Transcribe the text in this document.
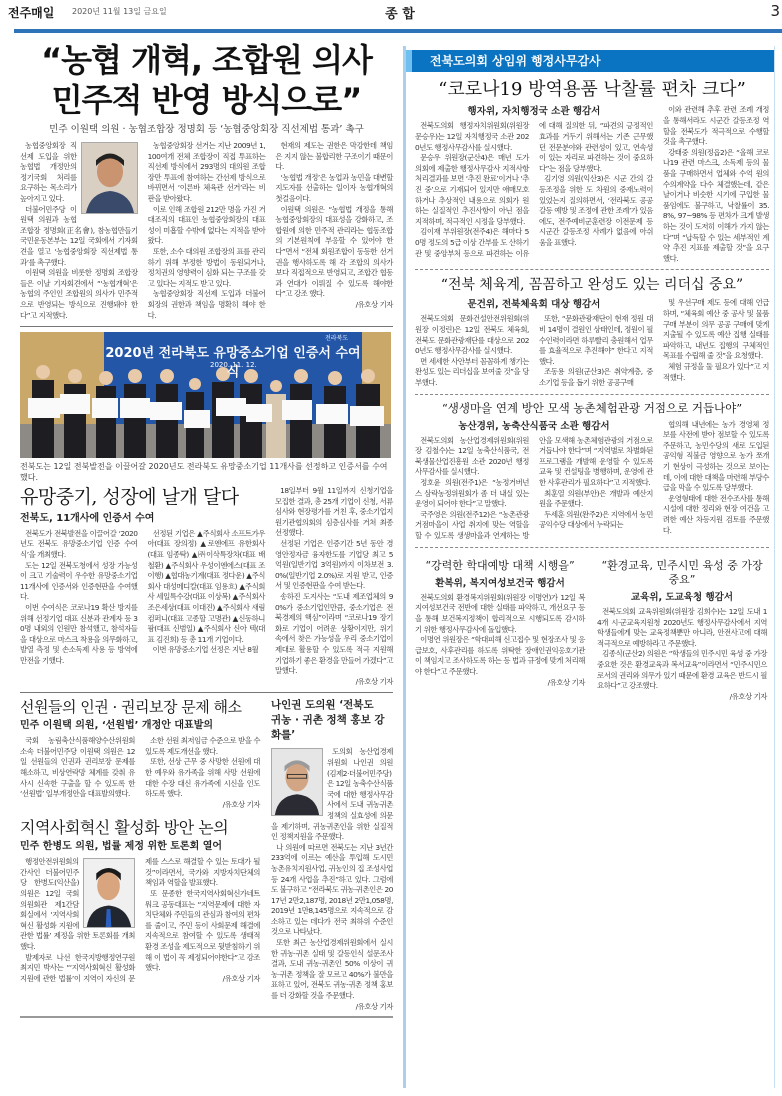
전주매일 2020년 11월 13일 금요일	종 합	3
“농협 개혁, 조합원 의사
민주적 반영 방식으로”
민주 이원택 의원 · 농협조합장 정명회 등 ‘농협중앙회장 직선제법 통과’ 촉구

농협중앙회장 직선제 도입을 위한 농협법 개정안의 정기국회 처리를 요구하는 목소리가 높아지고 있다.

더불어민주당 이원택 의원과 농협조합장 정명회(正名會), 참농협만들기국민운동본부는 12일 국회에서 기자회견을 열고 ‘농협중앙회장 직선제법 통과’를 촉구했다.

이원택 의원을 비롯한 정명회 조합장들은 이날 기자회견에서 “‘농협개혁’은 농협의 주인인 조합원의 의사가 민주적으로 반영되는 방식으로 진행돼야 한다”고 지적했다.

농협중앙회장 선거는 지난 2009년 1,100여개 전체 조합장이 직접 투표하는 직선제 방식에서 293명의 대의원 조합장만 투표에 참여하는 간선제 방식으로 바뀌면서 ‘이른바 체육관 선거’라는 비판을 받아왔다.

이로 인해 조합원 212만 명을 가진 거대조직의 대표인 농협중앙회장의 대표성이 미흡할 수밖에 없다는 지적을 받아왔다.

또한, 소수 대의원 조합장의 표를 관리하기 위해 부정한 방법이 동원되거나, 정치권의 영향력이 심화 되는 구조를 갖고 있다는 지적도 받고 있다.

농협중앙회장 직선제 도입과 더불어 회장의 권한과 책임을 명확히 해야 한다.

현재의 제도는 권한은 막강한데 책임은 지지 않는 불합리한 구조이기 때문이다.

‘농협법 개정’은 농업과 농민을 대변할 지도자를 선출하는 일이자 농협개혁의 첫걸음이다.

이원택 의원은 “농협법 개정을 통해 농협중앙회장의 대표성을 강화하고, 조합원에 의한 민주적 관리라는 협동조합의 기본원칙에 부응할 수 있어야 한다”면서 “전체 회원조합이 동등한 선거권을 행사하도록 해 각 조합의 의사가 보다 직접적으로 반영되고, 조합간 협동과 연대가 이뤄질 수 있도록 해야한다”고 강조 했다.

/유호상 기자

2020년 전라북도 유망중소기업 인증서 수여식
2020. 11. 12.
전라북도
전북도는 12일 전북발전을 이끌어갈 2020년도 전라북도 유망중소기업 11개사를 선정하고 인증서를 수여했다.
유망중기, 성장에 날개 달다
전북도, 11개사에 인증서 수여

전북도가 전북발전을 이끌어갈 ‘2020년도 전북도 유망중소기업 인증 수여식’을 개최했다.

도는 12일 전북도청에서 성장 가능성이 크고 기술력이 우수한 유망중소기업 11개사에 인증서와 인증현판을 수여했다.

이번 수여식은 코로나19 확산 방지를 위해 선정기업 대표 신분과 관계자 등 30명 내외의 인원만 참석했고, 참석자들을 대상으로 마스크 착용을 의무화하고, 발열 측정 및 손소독제 사용 등 방역에 만전을 기했다.

선정된 기업은 ▲주식회사 소프트가우아(대표 장의정) ▲로엔에프 유한회사(대표 임종탁) ▲㈜이삭특장차(대표 배철환) ▲주식회사 우성이엔에스(대표 조이행) ▲협대농기계(대표 정다운) ▲주식회사 대성메디칼(대표 임용흐) ▲주식회사 세일특수강(대표 이상복) ▲주식회사 조은세상(대표 이대진) ▲주식회사 새림컴퍼니(대표 고종할 고명관) ▲신동하니팜(대표 신범일) ▲주식회사 신아 텍(대표 김진희) 등 총 11개 기업이다.

이번 유망중소기업 선정은 지난 8월

18일부터 9월 11일까지 신청기업을 모집한 결과, 총 25개 기업이 신청, 서류심사와 현장평가를 거친 후, 중소기업지원기관협의회의 심층심사를 거쳐 최종 선정했다.

선정된 기업은 인증기간 5년 동안 경영안정자금 융자한도를 기업당 최고 5억원(일반기업 3억원)까지 이차보전 3.0%(일반기업 2.0%)로 지원 받고, 인증서 및 인증현판을 수여 받는다.

송하진 도지사는 “도내 제조업체의 90%가 중소기업인만큼, 중소기업은 전북경제의 핵심”이라며 “코로나19 장기화로 기업이 어려운 상황이지만, 위기 속에서 찾은 가능성을 우리 중소기업이 제대로 활용할 수 있도록 적극 지원해 기업하기 좋은 환경을 만들어 가겠다”고 말했다.

/유호상 기자

선원들의 인권 · 권리보장 문제 해소
민주 이원택 의원, ‘선원법’ 개정안 대표발의

국회 농림축산식품해양수산위원회 소속 더불어민주당 이원택 의원은 12일 선원들의 인권과 권리보장 문제를 해소하고, 비상연락망 체계를 갖춰 유사시 신속한 구출을 할 수 있도록 한 ‘선원법’ 일부개정안을 대표발의했다.

소한 선원 최저임금 수준으로 받을 수 있도록 제도개선을 했다.

또한, 선상 근무 중 사망한 선원에 대한 예우와 유가족을 위해 사망 선원에 대한 수장 대신 유가족에 시신을 인도하도록 했다.

/유호상 기자

지역사회혁신 활성화 방안 논의
민주 한병도 의원, 법률 제정 위한 토론회 열어

행정안전위원회의 간사인 더불어민주당 한병도(익산을) 의원은 12일 국회 의원회관 제1간담회실에서 ‘지역사회혁신 활성화 지원에 관한 법률’ 제정을 위한 토론회를 개최했다.

발제자로 나선 한국지방행정연구원 최지민 박사는 “‘지역사회혁신 활성화 지원에 관한 법률’이 지역이 자신의 문제를 스스로 해결할 수 있는 토대가 될 것”이라면서, 국가와 지방자치단체의 책임과 역할을 발표했다.

또 문종한 한국지역사회혁신가네트워크 공동대표는 “지역문제에 대한 자치단체와 주민들의 관심과 참여의 편차를 줄이고, 주민 등이 사회문제 해결에 지속적으로 참여할 수 있도록 생태적 환경 조성을 제도적으로 뒷받침하기 위해 이 법이 꼭 제정되어야한다”고 강조했다.

/유호상 기자

나인권 도의원 ‘전북도
귀농 · 귀촌 정책 홍보 강화를’

도의회 농산업경제위원회 나인권 의원(김제2·더불어민주당)은 12일 농축수산식품국에 대한 행정사무감사에서 도내 귀농귀촌 정책의 실효성에 의문을 제기하며, 귀농귀촌인을 위한 실질적인 정책지원을 주문했다.

나 의원에 따르면 전북도는 지난 3년간 233억에 이르는 예산을 투입해 도시민 농촌유치지원사업, 귀농인의 집 조성사업 등 24개 사업을 추진”하고 있다. 그럼에도 불구하고 “전라북도 귀농·귀촌인은 2017년 2만2,187명, 2018년 2만1,058명, 2019년 1만8,145명으로 지속적으로 감소하고 있는 데다가 전국 최하위 수준인 것으로 나타났다.

또한 최근 농산업경제위원회에서 실시한 귀농·귀촌 실태 및 갈등인식 설문조사 결과, 도내 귀농·귀촌인 50% 이상이 귀농·귀촌 정책을 잘 모르고 40%가 불만을 표하고 있어, 전북도 귀농·귀촌 정책 홍보를 더 강화할 것을 주문했다.

/유호상 기자

전북도의회 상임위 행정사무감사
“코로나19 방역용품 낙찰률 편차 크다”
행자위, 자치행정국 소관 행감서

전북도의회 행정자치위원회(위원장 문승우)는 12일 자치행정국 소관 2020년도 행정사무감사를 실시했다.

문승우 위원장(군산4)은 매년 도가 의회에 제출한 행정사무감사 지적사항 처리결과를 보면 ‘추진 완료’이거나 ‘추진 중’으로 기재되어 있지만 애매모호하거나 추상적인 내용으로 의회가 원하는 실질적인 추진사항이 아닌 점을 지적하며, 적극적인 시정을 당부했다.

김이재 부위원장(전주4)은 해마다 50명 정도의 5급 이상 간부를 도 산하기관 및 중앙부처 등으로 파견하는 이유에 대해 질의한 뒤, “파견의 긍정적인 효과를 거두기 위해서는 기존 근무했던 전문분야와 관련성이 있고, 연속성이 있는 자리로 파견하는 것이 중요하다”는 점을 당부했다.

김기영 의원(익산3)은 시군 간의 갈등조정을 위한 도 차원의 중재노력이 있었는지 질의하면서, ‘전라북도 공공갈등 예방 및 조정에 관한 조례’가 있음에도, 전주예비군훈련장 이전문제 등 시군간 갈등조정 사례가 없음에 아쉬움을 표했다.

이와 관련해 추후 관련 조례 개정을 통해서라도 시군간 갈등조정 역할을 전북도가 적극적으로 수행할 것을 촉구했다.

강태중 의원(정읍2)은 “올해 코로나19 관련 마스크, 소독제 등의 물품을 구매하면서 업체와 수억 원의 수의계약을 다수 체결했는데, 같은 날이거나 비슷한 시기에 구입한 물품임에도 불구하고, 낙찰률이 35.8%, 97~98% 등 편차가 크게 발생하는 것이 도저히 이해가 가지 않는다”며 “납득할 수 있는 세부적인 계약 추진 지표를 제출할 것”을 요구했다.

“전북 체육계, 꼼꼼하고 완성도 있는 리더십 중요”
문건위, 전북체육회 대상 행감서

전북도의회 문화건설안전위원회(위원장 이정린)은 12일 전북도 체육회, 전북도 문화관광재단를 대상으로 2020년도 행정사무감사를 실시했다.

면 세세한 사안부터 꼼꼼하게 챙기는 완성도 있는 리더십을 보여줄 것”을 당부했다.

또한, “문화관광재단이 현재 정원 대비 14명이 결원인 상태인데, 정원이 필수인력이라면 하루빨리 충원해서 업무를 효율적으로 추진해야” 한다고 지적했다.

조동용 의원(군산3)은 취약계층, 중소기업 등을 돕기 위한 공공구매

및 우선구매 제도 등에 대해 언급하며, “체육회 예산 중 공사 및 물품 구매 부분이 의무 공공 구매에 맞게 지출될 수 있도록 예산 집행 실태를 파악하고, 내년도 집행의 구체적인 목표를 수립해 줄 것”을 요청했다.

체험 규정을 둘 필요가 있다”고 지적했다.

“생생마을 연계 방안 모색 농촌체험관광 거점으로 거듭나야”
농산경위, 농축산식품국 소관 행감서

전북도의회 농산업경제위원회(위원장 김철수)는 12일 농축산식품국, 전북생물산업진흥원 소관 2020년 행정사무감사를 실시했다.

정호윤 의원(전주1)은 “농정거버넌스 삼락농정위원회가 좀 더 내실 있는 운영이 되어야 한다”고 말했다.

국주영은 의원(전주12)은 “농촌관광 거점마을이 사업 취지에 맞는 역할을 할 수 있도록 생생마을과 연계하는 방안을 모색해 농촌체험관광의 거점으로 거듭나야 한다”며 “지역별로 차별화된 프로그램을 개발해 운영할 수 있도록 교육 및 컨설팅을 병행하며, 운영에 관한 사후관리가 필요하다”고 지적했다.

최훈열 의원(부안)은 개발과 예산지원을 주문했다.

두세훈 의원(완주2)은 지역에서 농민공익수당 대상에서 누락되는

협의해 내년에는 농가 경영체 정보를 사전에 받아 점보할 수 있도록 주문하고, 농민수당의 새로 도입된 공익형 직불금 영향으로 농가 쪼개기 현상이 극성하는 것으로 보이는데, 이에 대한 대책을 마련해 부당수급을 막을 수 있도록 당부했다.

운영형태에 대한 전수조사를 통해 시설에 대한 정리와 현장 여건을 고려한 예산 차등지원 검토를 주문했다.

“강력한 학대예방 대책 시행을”
환복위, 복지여성보건국 행감서

전북도의회 환경복지위원회(위원장 이명연)가 12일 복지여성보건국 전반에 대한 실태를 파악하고, 개선요구 등을 통해 보건복지정책이 합리적으로 시행되도록 감시하기 위한 행정사무감사에 돌입했다.

이명연 위원장은 “학대피해 신고접수 및 현장조사 및 응급보호, 사후관리를 하도록 위탁한 장애인권익옹호기관이 책임지고 조사하도록 하는 등 법과 규정에 맞게 처리해야 한다”고 주문했다.

/유호상 기자

“환경교육, 민주시민 육성 중 가장 중요”
교육위, 도교육청 행감서

전북도의회 교육위원회(위원장 김희수)는 12일 도내 14개 시·군교육지원청 2020년도 행정사무감사에서 지역 학생들에게 맞는 교육정책뿐만 아니라, 안전사고에 대해 적극적으로 예방하라고 주문했다.

김종식(군산2) 의원은 “학생들의 민주시민 육성 중 가장 중요한 것은 환경교육과 복서교육”이라면서 “민주시민으로서의 권리와 의무가 있기 때문에 환경 교육은 반드시 필요하다”고 강조했다.

/유호상 기자
